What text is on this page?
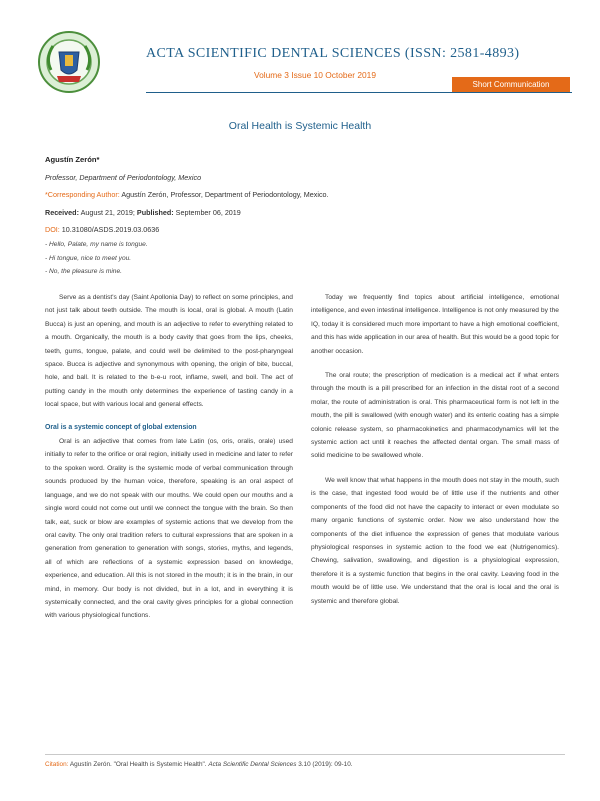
ACTA SCIENTIFIC DENTAL SCIENCES (ISSN: 2581-4893)
Volume 3 Issue 10 October 2019
Short Communication
Oral Health is Systemic Health
Agustín Zerón*
Professor, Department of Periodontology, Mexico
*Corresponding Author: Agustín Zerón, Professor, Department of Periodontology, Mexico.
Received: August 21, 2019; Published: September 06, 2019
DOI: 10.31080/ASDS.2019.03.0636
- Hello, Palate, my name is tongue.
- Hi tongue, nice to meet you.
- No, the pleasure is mine.

Serve as a dentist's day (Saint Apollonia Day) to reflect on some principles, and not just talk about teeth outside. The mouth is local, oral is global. A mouth (Latin Bucca) is just an opening, and mouth is an adjective to refer to everything related to a mouth. Organically, the mouth is a body cavity that goes from the lips, cheeks, teeth, gums, tongue, palate, and could well be delimited to the post-pharyngeal space. Bucca is adjective and synonymous with opening, the origin of bite, buccal, hole, and ball. It is related to the b-e-u root, inflame, swell, and boil. The act of putting candy in the mouth only determines the experience of tasting candy in a local space, but with various local and general effects.

Oral is a systemic concept of global extension

Oral is an adjective that comes from late Latin (os, oris, oralis, orale) used initially to refer to the orifice or oral region, initially used in medicine and later to refer to the spoken word. Orality is the systemic mode of verbal communication through sounds produced by the human voice, therefore, speaking is an oral aspect of language, and we do not speak with our mouths. We could open our mouths and a single word could not come out until we connect the tongue with the brain. So then talk, eat, suck or blow are examples of systemic actions that we develop from the oral cavity. The only oral tradition refers to cultural expressions that are spoken in a generation from generation to generation with songs, stories, myths, and legends, all of which are reflections of a systemic expression based on knowledge, experience, and education. All this is not stored in the mouth; it is in the brain, in our mind, in memory. Our body is not divided, but in a lot, and in everything it is systemically connected, and the oral cavity gives principles for a global connection with various physiological functions.

Today we frequently find topics about artificial intelligence, emotional intelligence, and even intestinal intelligence. Intelligence is not only measured by the IQ, today it is considered much more important to have a high emotional coefficient, and this has wide application in our area of health. But this would be a good topic for another occasion.

The oral route; the prescription of medication is a medical act if what enters through the mouth is a pill prescribed for an infection in the distal root of a second molar, the route of administration is oral. This pharmaceutical form is not left in the mouth, the pill is swallowed (with enough water) and its enteric coating has a simple colonic release system, so pharmacokinetics and pharmacodynamics will let the systemic action act until it reaches the affected dental organ. The small mass of solid medicine to be swallowed whole.

We well know that what happens in the mouth does not stay in the mouth, such is the case, that ingested food would be of little use if the nutrients and other components of the food did not have the capacity to interact or even modulate so many organic functions of systemic order. Now we also understand how the components of the diet influence the expression of genes that modulate various physiological responses in systemic action to the food we eat (Nutrigenomics). Chewing, salivation, swallowing, and digestion is a physiological expression, therefore it is a systemic function that begins in the oral cavity. Leaving food in the mouth would be of little use. We understand that the oral is local and the oral is systemic and therefore global.

Citation: Agustín Zerón. "Oral Health is Systemic Health". Acta Scientific Dental Sciences 3.10 (2019): 09-10.
